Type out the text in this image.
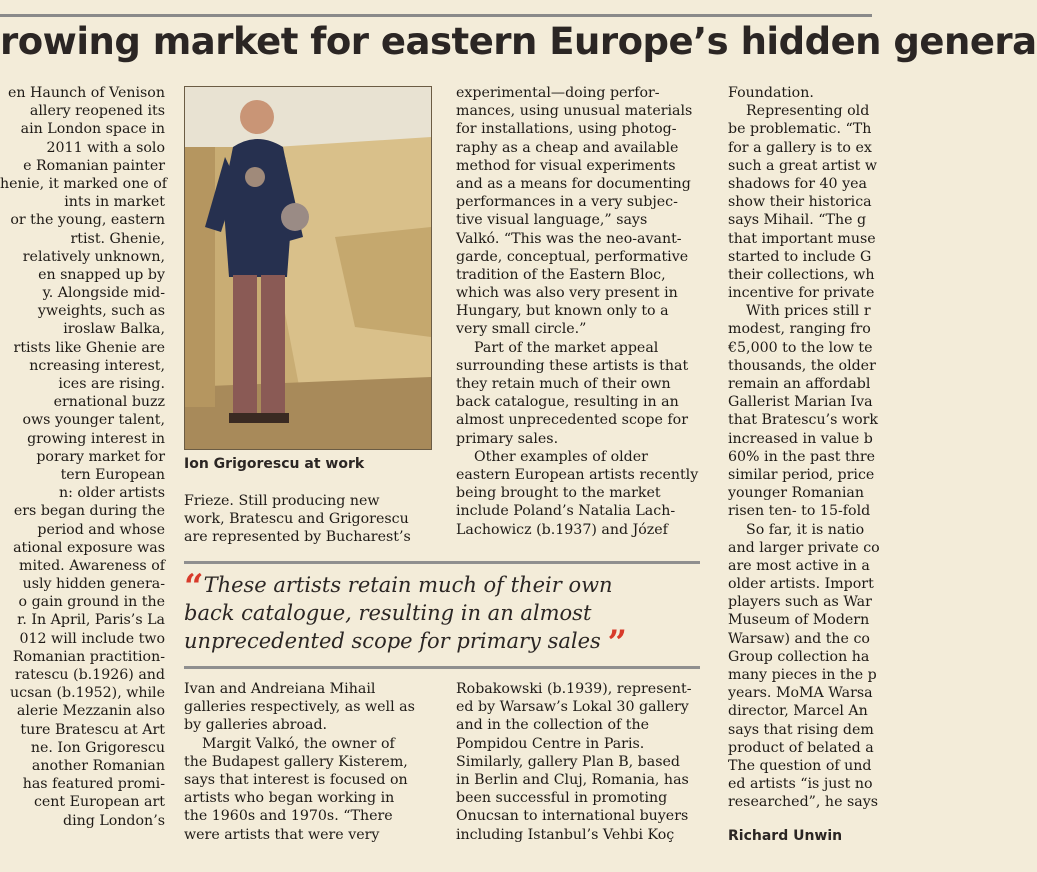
rowing market for eastern Europe’s hidden genera
en Haunch of Venison
allery reopened its
ain London space in
2011 with a solo
e Romanian painter
henie, it marked one of
ints in market
or the young, eastern
rtist. Ghenie,
relatively unknown,
en snapped up by
y. Alongside mid-
yweights, such as
iroslaw Balka,
rtists like Ghenie are
ncreasing interest,
ices are rising.
ernational buzz
ows younger talent,
growing interest in
porary market for
tern European
n: older artists
ers began during the
period and whose
ational exposure was
mited. Awareness of
usly hidden genera-
o gain ground in the
r. In April, Paris’s La
012 will include two
Romanian practition-
ratescu (b.1926) and
ucsan (b.1952), while
alerie Mezzanin also
ture Bratescu at Art
ne. Ion Grigorescu
another Romanian
has featured promi-
cent European art
ding London’s
Ion Grigorescu at work
Frieze. Still producing new
work, Bratescu and Grigorescu
are represented by Bucharest’s
experimental—doing perfor-
mances, using unusual materials
for installations, using photog-
raphy as a cheap and available
method for visual experiments
and as a means for documenting
performances in a very subjec-
tive visual language,” says
Valkó. “This was the neo-avant-
garde, conceptual, performative
tradition of the Eastern Bloc,
which was also very present in
Hungary, but known only to a
very small circle.”
Part of the market appeal
surrounding these artists is that
they retain much of their own
back catalogue, resulting in an
almost unprecedented scope for
primary sales.
Other examples of older
eastern European artists recently
being brought to the market
include Poland’s Natalia Lach-
Lachowicz (b.1937) and Józef
“These artists retain much of their own
back catalogue, resulting in an almost
unprecedented scope for primary sales ”
Ivan and Andreiana Mihail
galleries respectively, as well as
by galleries abroad.
Margit Valkó, the owner of
the Budapest gallery Kisterem,
says that interest is focused on
artists who began working in
the 1960s and 1970s. “There
were artists that were very
Robakowski (b.1939), represent-
ed by Warsaw’s Lokal 30 gallery
and in the collection of the
Pompidou Centre in Paris.
Similarly, gallery Plan B, based
in Berlin and Cluj, Romania, has
been successful in promoting
Onucsan to international buyers
including Istanbul’s Vehbi Koç
Foundation.
Representing old
be problematic. “Th
for a gallery is to ex
such a great artist w
shadows for 40 yea
show their historica
says Mihail. “The g
that important muse
started to include G
their collections, wh
incentive for private
With prices still r
modest, ranging fro
€5,000 to the low te
thousands, the older
remain an affordabl
Gallerist Marian Iva
that Bratescu’s work
increased in value b
60% in the past thre
similar period, price
younger Romanian
risen ten- to 15-fold
So far, it is natio
and larger private co
are most active in a
older artists. Import
players such as War
Museum of Modern
Warsaw) and the co
Group collection ha
many pieces in the p
years. MoMA Warsa
director, Marcel An
says that rising dem
product of belated a
The question of und
ed artists “is just no
researched”, he says
Richard Unwin
